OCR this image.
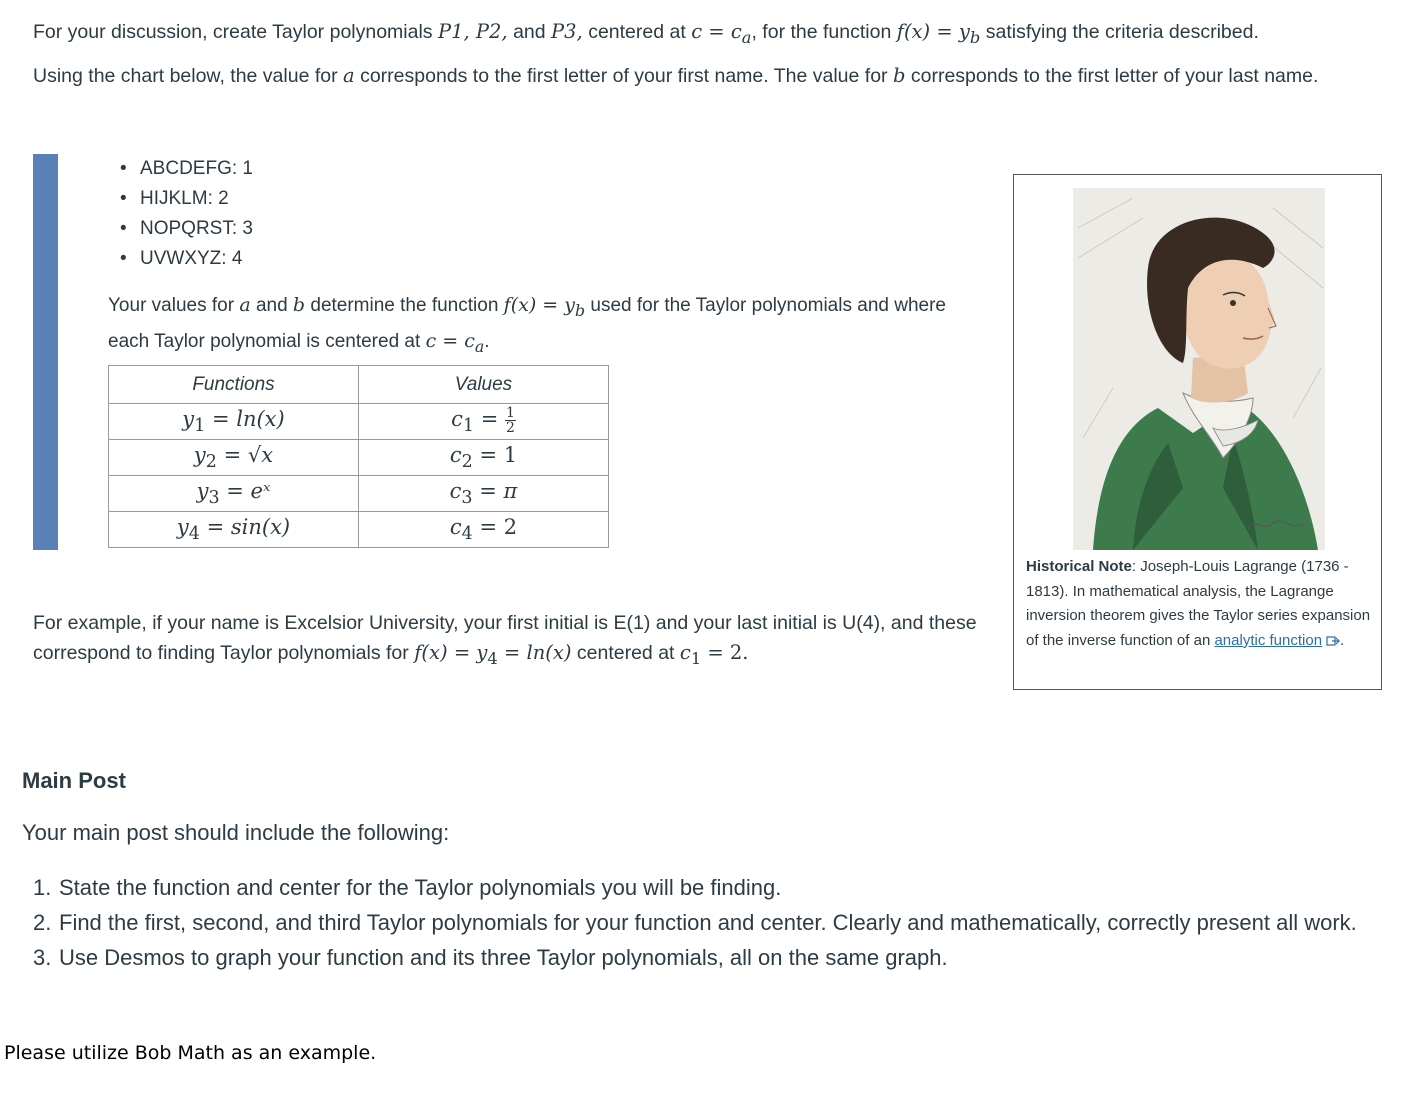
For your discussion, create Taylor polynomials P1, P2, and P3, centered at $c = c_a$, for the function $f(x) = y_b$ satisfying the criteria described.

Using the chart below, the value for a corresponds to the first letter of your first name. The value for b corresponds to the first letter of your last name.

• ABCDEFG: 1
• HIJKLM: 2
• NOPQRST: 3
• UVWXYZ: 4

Your values for a and b determine the function $f(x) = y_b$ used for the Taylor polynomials and where each Taylor polynomial is centered at $c = c_a$.

Functions	Values
$y_1 = \ln(x)$	$c_1 = \frac{1}{2}$

$y_2 = √x$	$c_2 = 1$
$y_3$ = eˣ	$c_3 = \pi$
$y_4 = \sin(x)$	$c_4 = 2$

For example, if your name is Excelsior University, your first initial is E(1) and your last initial is U(4), and these correspond to finding Taylor polynomials for $f(x) = y_4 = \ln(x)$ centered at $c_1 = 2$.

Historical Note: Joseph-Louis Lagrange (1736 - 1813). In mathematical analysis, the Lagrange inversion theorem gives the Taylor series expansion of the inverse function of an analytic function .

Main Post

Your main post should include the following:

1. State the function and center for the Taylor polynomials you will be finding.
2. Find the first, second, and third Taylor polynomials for your function and center. Clearly and mathematically, correctly present all work.
3. Use Desmos to graph your function and its three Taylor polynomials, all on the same graph.

Please utilize Bob Math as an example.
